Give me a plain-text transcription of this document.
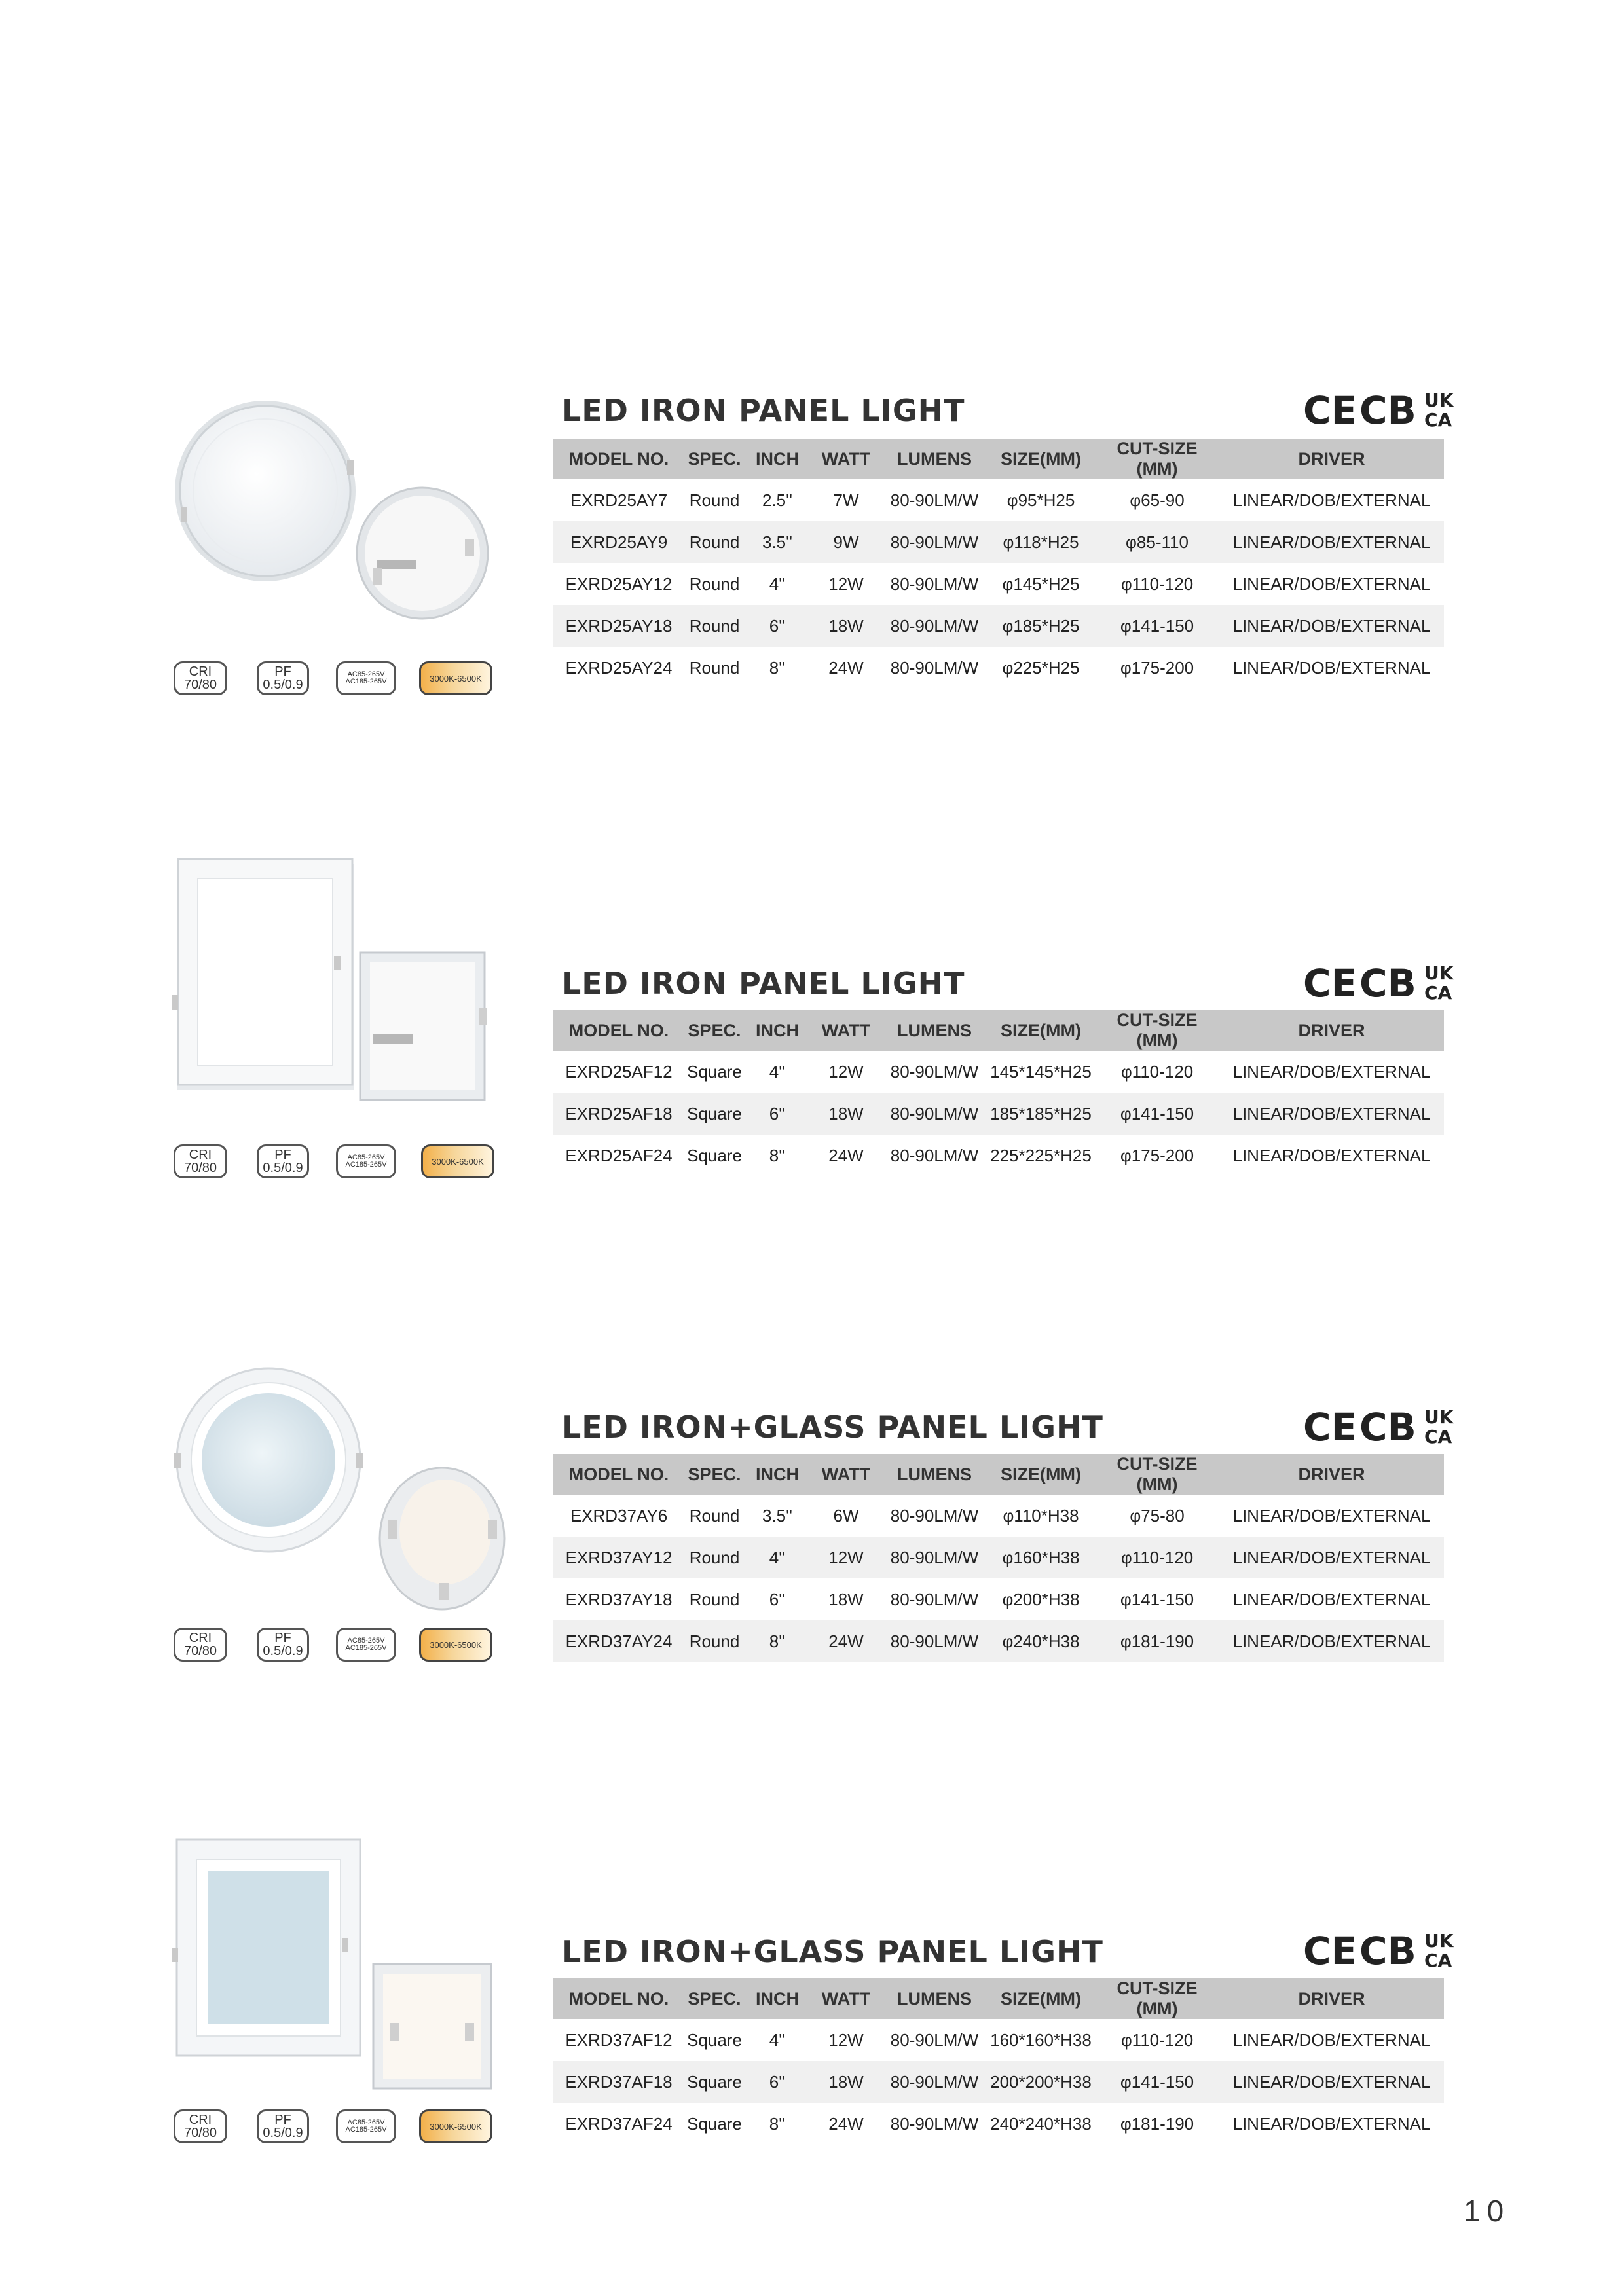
CRI
70/80
PF
0.5/0.9
AC85-265V
AC185-265V	3000K-6500K
LED IRON PANEL LIGHT	CE CB UK
CA
MODEL NO.	SPEC.	INCH	WATT	LUMENS	SIZE(MM)	CUT-SIZE (MM)	DRIVER
EXRD25AY7	Round	2.5''	7W	80-90LM/W	φ95*H25	φ65-90	LINEAR/DOB/EXTERNAL
EXRD25AY9	Round	3.5''	9W	80-90LM/W	φ118*H25	φ85-110	LINEAR/DOB/EXTERNAL
EXRD25AY12	Round	4''	12W	80-90LM/W	φ145*H25	φ110-120	LINEAR/DOB/EXTERNAL
EXRD25AY18	Round	6''	18W	80-90LM/W	φ185*H25	φ141-150	LINEAR/DOB/EXTERNAL
EXRD25AY24	Round	8''	24W	80-90LM/W	φ225*H25	φ175-200	LINEAR/DOB/EXTERNAL
CRI
70/80
PF
0.5/0.9
AC85-265V
AC185-265V	3000K-6500K
LED IRON PANEL LIGHT	CE CB UK
CA
MODEL NO.	SPEC.	INCH	WATT	LUMENS	SIZE(MM)	CUT-SIZE (MM)	DRIVER
EXRD25AF12	Square	4''	12W	80-90LM/W	145*145*H25	φ110-120	LINEAR/DOB/EXTERNAL
EXRD25AF18	Square	6''	18W	80-90LM/W	185*185*H25	φ141-150	LINEAR/DOB/EXTERNAL
EXRD25AF24	Square	8''	24W	80-90LM/W	225*225*H25	φ175-200	LINEAR/DOB/EXTERNAL
CRI
70/80
PF
0.5/0.9
AC85-265V
AC185-265V	3000K-6500K
LED IRON+GLASS PANEL LIGHT	CE CB UK
CA
MODEL NO.	SPEC.	INCH	WATT	LUMENS	SIZE(MM)	CUT-SIZE (MM)	DRIVER
EXRD37AY6	Round	3.5''	6W	80-90LM/W	φ110*H38	φ75-80	LINEAR/DOB/EXTERNAL
EXRD37AY12	Round	4''	12W	80-90LM/W	φ160*H38	φ110-120	LINEAR/DOB/EXTERNAL
EXRD37AY18	Round	6''	18W	80-90LM/W	φ200*H38	φ141-150	LINEAR/DOB/EXTERNAL
EXRD37AY24	Round	8''	24W	80-90LM/W	φ240*H38	φ181-190	LINEAR/DOB/EXTERNAL
CRI
70/80
PF
0.5/0.9
AC85-265V
AC185-265V	3000K-6500K
LED IRON+GLASS PANEL LIGHT	CE CB UK
CA
MODEL NO.	SPEC.	INCH	WATT	LUMENS	SIZE(MM)	CUT-SIZE (MM)	DRIVER
EXRD37AF12	Square	4''	12W	80-90LM/W	160*160*H38	φ110-120	LINEAR/DOB/EXTERNAL
EXRD37AF18	Square	6''	18W	80-90LM/W	200*200*H38	φ141-150	LINEAR/DOB/EXTERNAL
EXRD37AF24	Square	8''	24W	80-90LM/W	240*240*H38	φ181-190	LINEAR/DOB/EXTERNAL
10
